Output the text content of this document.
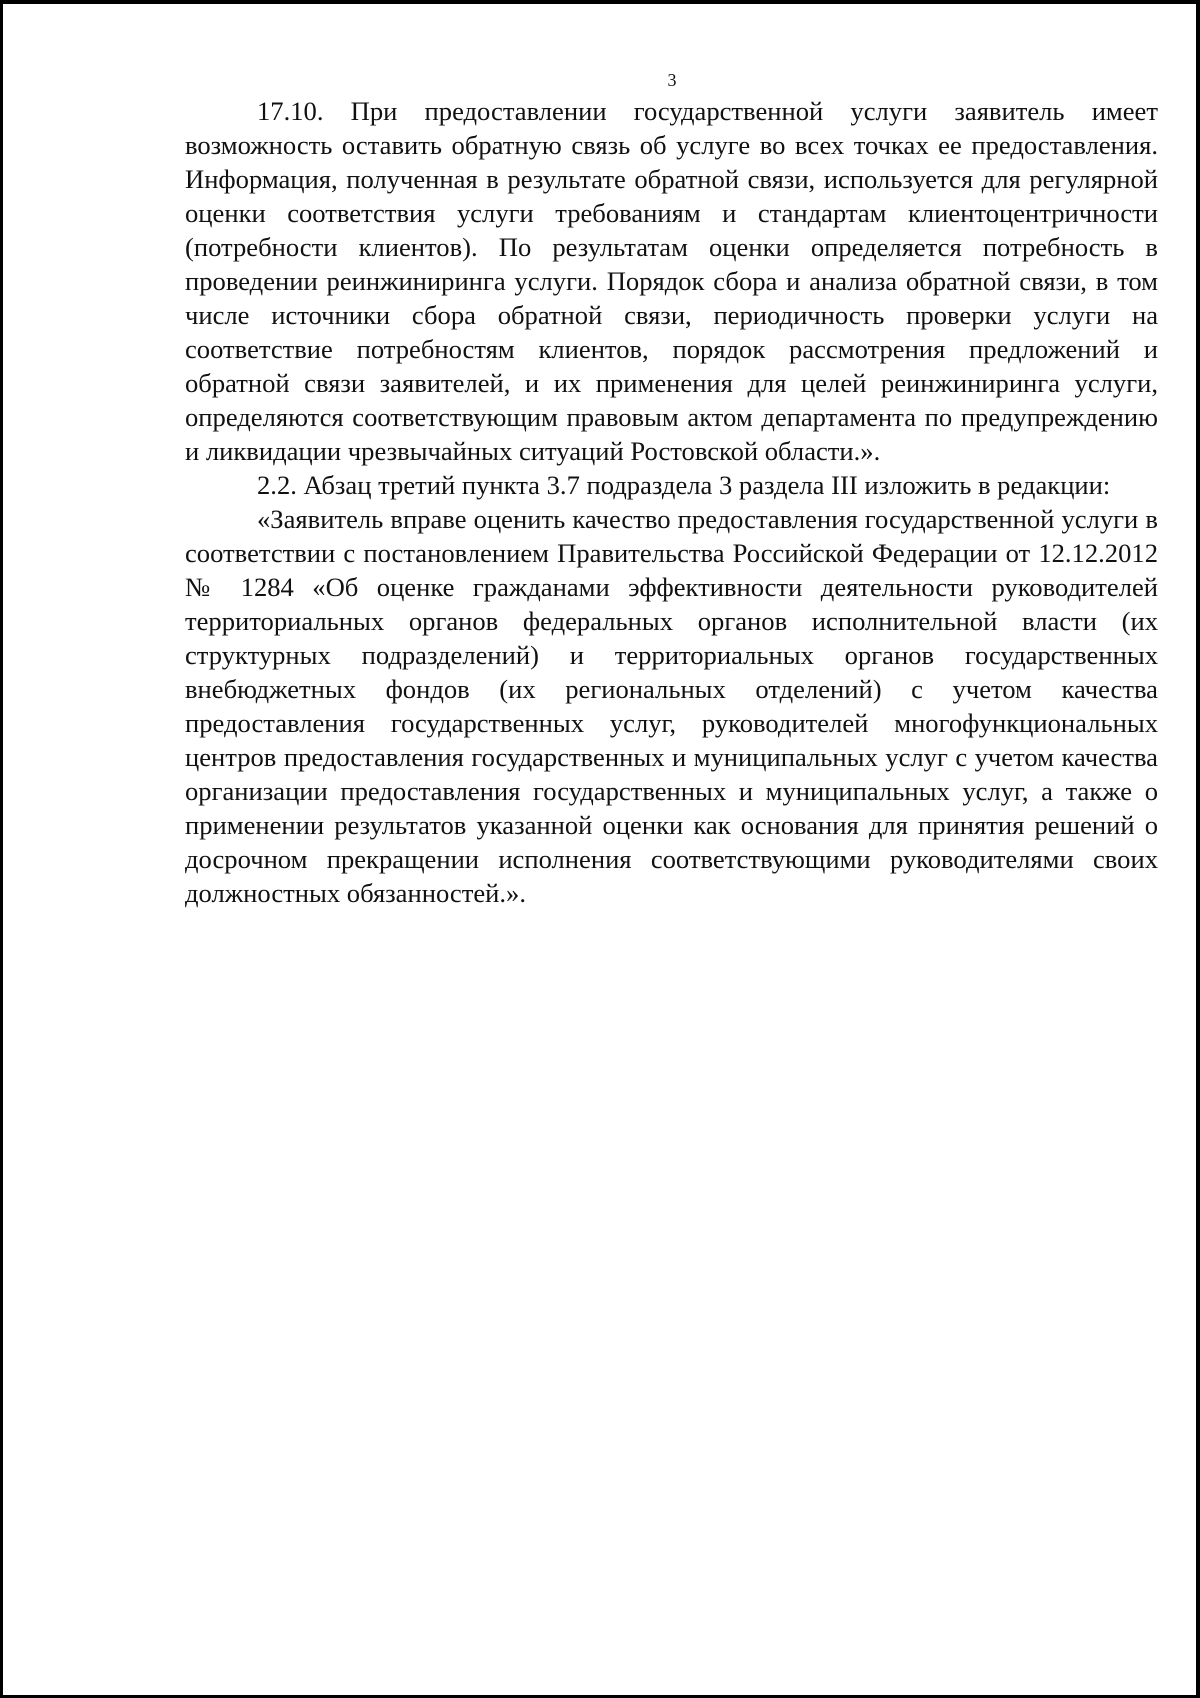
3

17.10. При предоставлении государственной услуги заявитель имеет возможность оставить обратную связь об услуге во всех точках ее предоставления. Информация, полученная в результате обратной связи, используется для регулярной оценки соответствия услуги требованиям и стандартам клиентоцентричности (потребности клиентов). По результатам оценки определяется потребность в проведении реинжиниринга услуги. Порядок сбора и анализа обратной связи, в том числе источники сбора обратной связи, периодичность проверки услуги на соответствие потребностям клиентов, порядок рассмотрения предложений и обратной связи заявителей, и их применения для целей реинжиниринга услуги, определяются соответствующим правовым актом департамента по предупреждению и ликвидации чрезвычайных ситуаций Ростовской области.».

2.2. Абзац третий пункта 3.7 подраздела 3 раздела III изложить в редакции:

«Заявитель вправе оценить качество предоставления государственной услуги в соответствии с постановлением Правительства Российской Федерации от 12.12.2012 № 1284 «Об оценке гражданами эффективности деятельности руководителей территориальных органов федеральных органов исполнительной власти (их структурных подразделений) и территориальных органов государственных внебюджетных фондов (их региональных отделений) с учетом качества предоставления государственных услуг, руководителей многофункциональных центров предоставления государственных и муниципальных услуг с учетом качества организации предоставления государственных и муниципальных услуг, а также о применении результатов указанной оценки как основания для принятия решений о досрочном прекращении исполнения соответствующими руководителями своих должностных обязанностей.».
